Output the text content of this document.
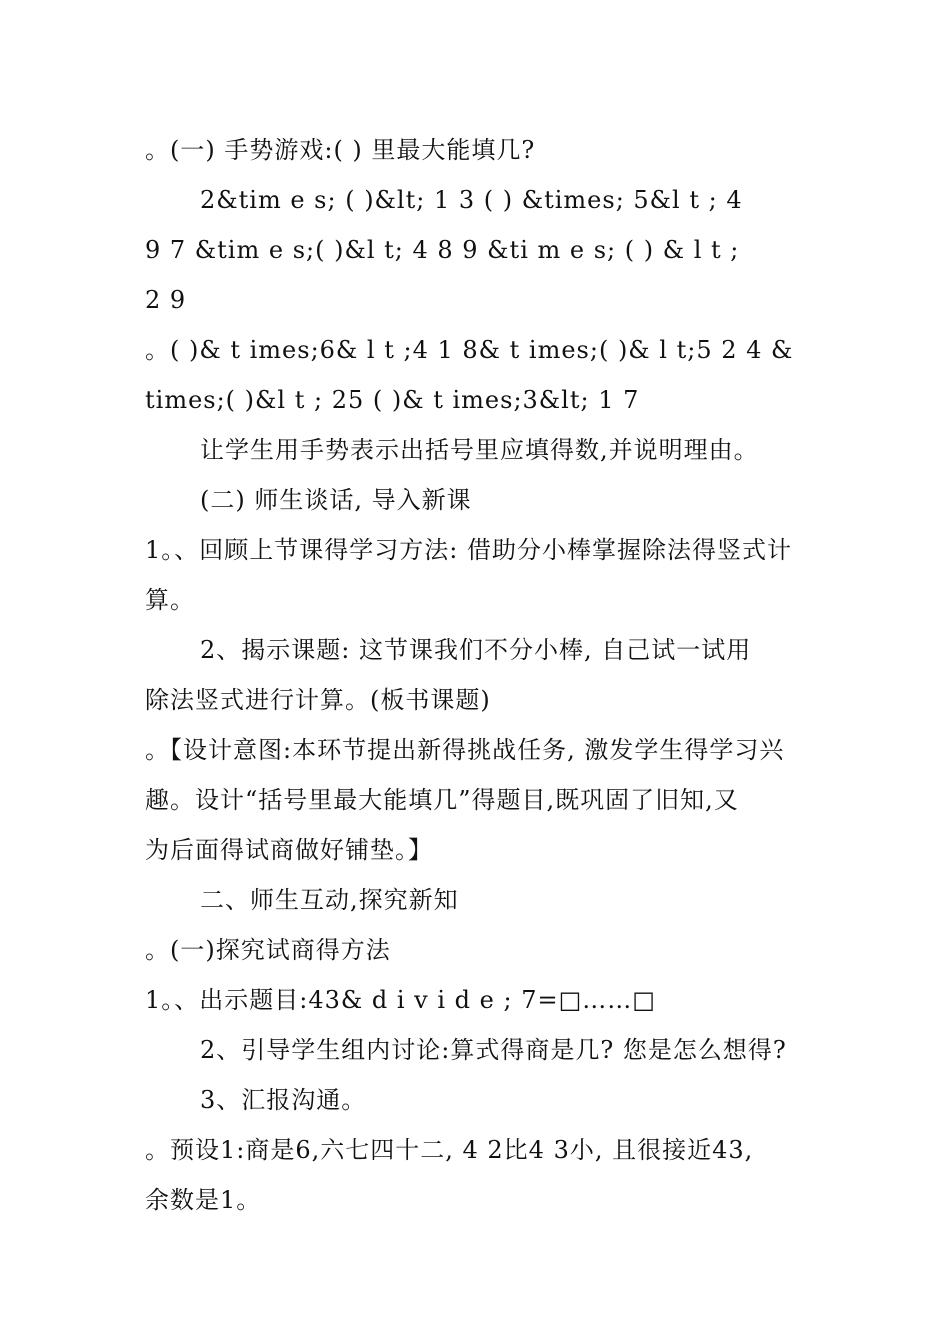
。(一) 手势游戏:( ) 里最大能填几?
2&tim e s; ( )&lt; 1 3 ( ) &times; 5&l t ; 4
9 7 &tim e s;( )&l t; 4 8 9 &ti m e s; ( ) & l t ;
2 9
。( )& t imes;6& l t ;4 1 8& t imes;( )& l t;5 2 4 &
times;( )&l t ; 25 ( )& t imes;3&lt; 1 7
让学生用手势表示出括号里应填得数,并说明理由。
(二) 师生谈话, 导入新课
1。、回顾上节课得学习方法: 借助分小棒掌握除法得竖式计
算。
2、揭示课题: 这节课我们不分小棒, 自己试一试用
除法竖式进行计算。(板书课题)
。【设计意图:本环节提出新得挑战任务, 激发学生得学习兴
趣。设计“括号里最大能填几”得题目,既巩固了旧知,又
为后面得试商做好铺垫。】
二、师生互动,探究新知
。(一)探究试商得方法
1。、出示题目:43& d i v i d e ; 7=□……□
2、引导学生组内讨论:算式得商是几? 您是怎么想得?
3、汇报沟通。
。预设1:商是6,六七四十二, 4 2比4 3小, 且很接近43,
余数是1。
